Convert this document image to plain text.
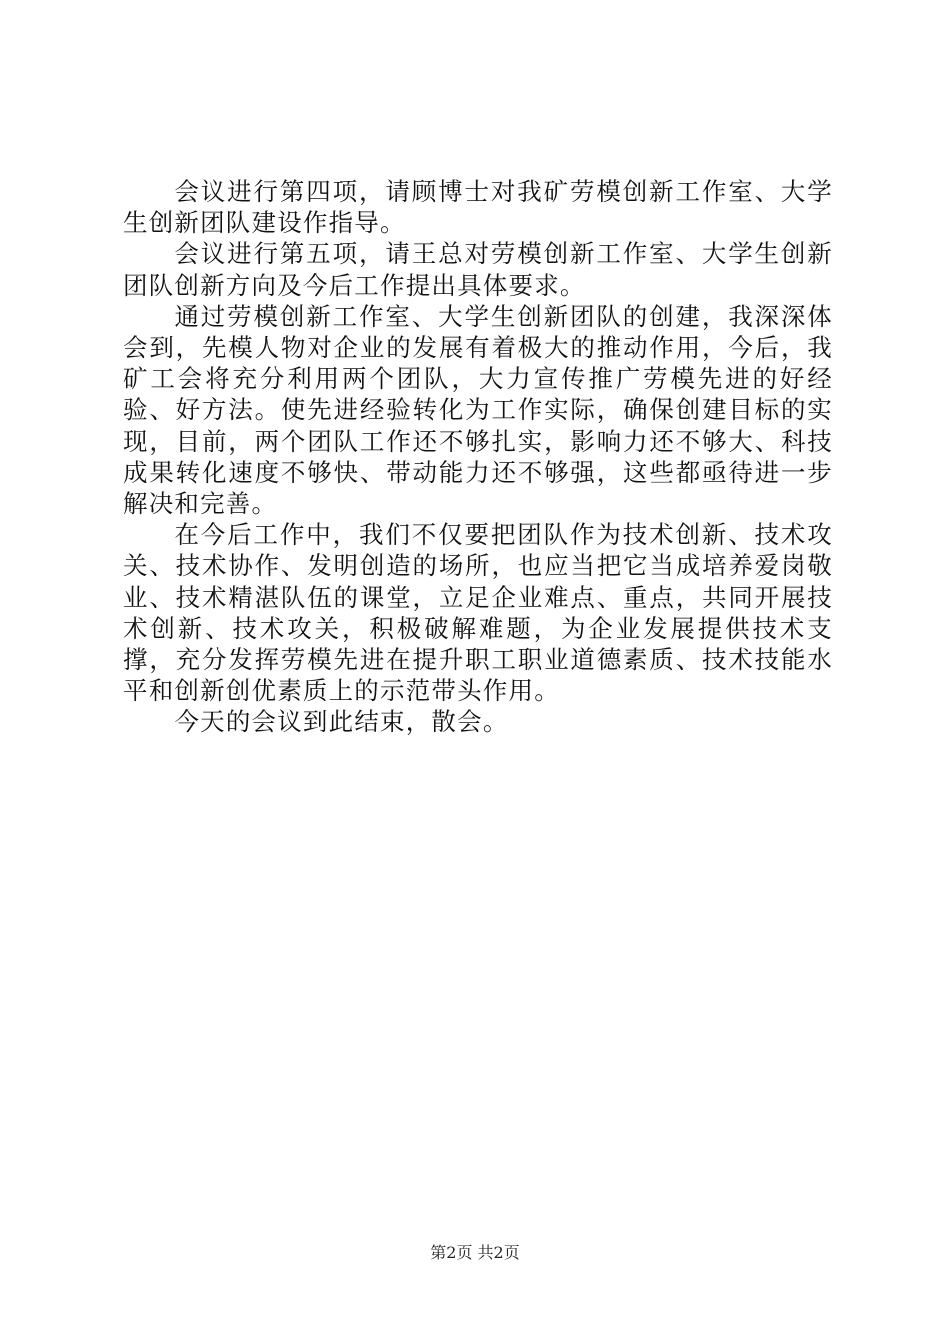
会议进行第四项，请顾博士对我矿劳模创新工作室、大学生创新团队建设作指导。

会议进行第五项，请王总对劳模创新工作室、大学生创新团队创新方向及今后工作提出具体要求。

通过劳模创新工作室、大学生创新团队的创建，我深深体会到，先模人物对企业的发展有着极大的推动作用，今后，我矿工会将充分利用两个团队，大力宣传推广劳模先进的好经验、好方法。使先进经验转化为工作实际，确保创建目标的实现，目前，两个团队工作还不够扎实，影响力还不够大、科技成果转化速度不够快、带动能力还不够强，这些都亟待进一步解决和完善。

在今后工作中，我们不仅要把团队作为技术创新、技术攻关、技术协作、发明创造的场所，也应当把它当成培养爱岗敬业、技术精湛队伍的课堂，立足企业难点、重点，共同开展技术创新、技术攻关，积极破解难题，为企业发展提供技术支撑，充分发挥劳模先进在提升职工职业道德素质、技术技能水平和创新创优素质上的示范带头作用。

今天的会议到此结束，散会。

第2页 共2页
